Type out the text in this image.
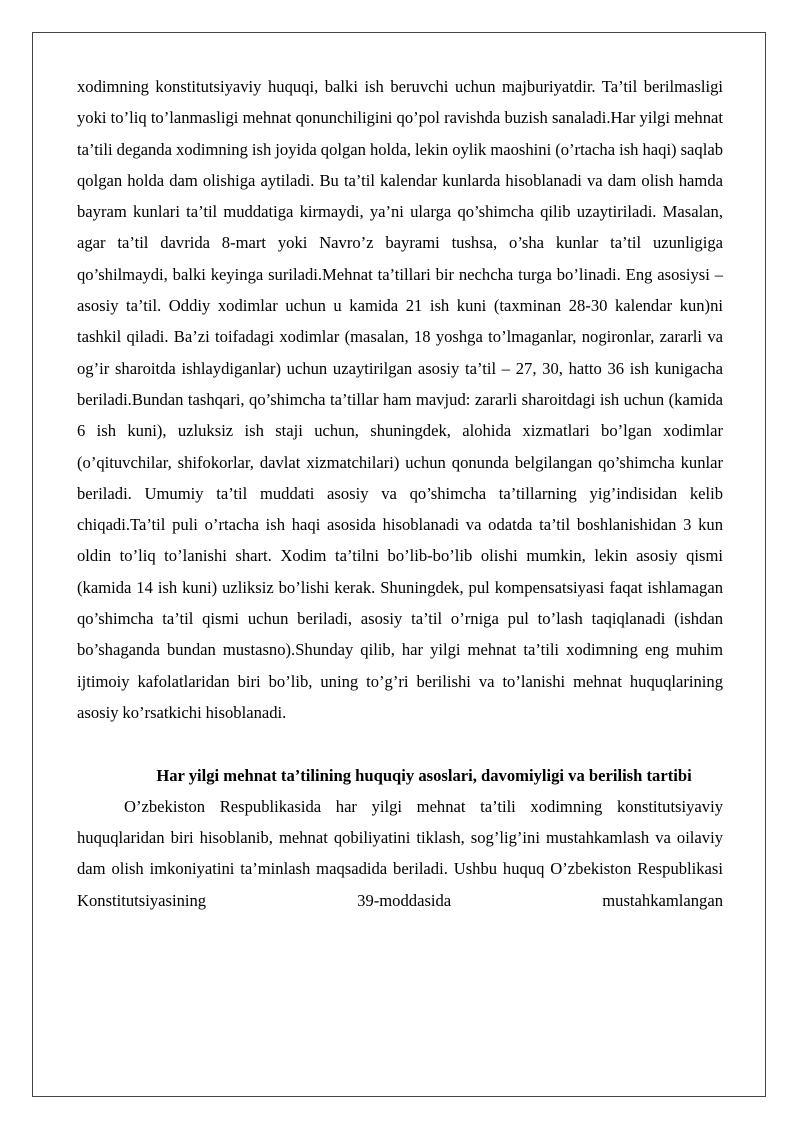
xodimning konstitutsiyaviy huquqi, balki ish beruvchi uchun majburiyatdir. Ta’til berilmasligi yoki to’liq to’lanmasligi mehnat qonunchiligini qo’pol ravishda buzish sanaladi.Har yilgi mehnat ta’tili deganda xodimning ish joyida qolgan holda, lekin oylik maoshini (o’rtacha ish haqi) saqlab qolgan holda dam olishiga aytiladi. Bu ta’til kalendar kunlarda hisoblanadi va dam olish hamda bayram kunlari ta’til muddatiga kirmaydi, ya’ni ularga qo’shimcha qilib uzaytiriladi. Masalan, agar ta’til davrida 8-mart yoki Navro’z bayrami tushsa, o’sha kunlar ta’til uzunligiga qo’shilmaydi, balki keyinga suriladi.Mehnat ta’tillari bir nechcha turga bo’linadi. Eng asosiysi – asosiy ta’til. Oddiy xodimlar uchun u kamida 21 ish kuni (taxminan 28-30 kalendar kun)ni tashkil qiladi. Ba’zi toifadagi xodimlar (masalan, 18 yoshga to’lmaganlar, nogironlar, zararli va og’ir sharoitda ishlaydiganlar) uchun uzaytirilgan asosiy ta’til – 27, 30, hatto 36 ish kunigacha beriladi.Bundan tashqari, qo’shimcha ta’tillar ham mavjud: zararli sharoitdagi ish uchun (kamida 6 ish kuni), uzluksiz ish staji uchun, shuningdek, alohida xizmatlari bo’lgan xodimlar (o’qituvchilar, shifokorlar, davlat xizmatchilari) uchun qonunda belgilangan qo’shimcha kunlar beriladi. Umumiy ta’til muddati asosiy va qo’shimcha ta’tillarning yig’indisidan kelib chiqadi.Ta’til puli o’rtacha ish haqi asosida hisoblanadi va odatda ta’til boshlanishidan 3 kun oldin to’liq to’lanishi shart. Xodim ta’tilni bo’lib-bo’lib olishi mumkin, lekin asosiy qismi (kamida 14 ish kuni) uzliksiz bo’lishi kerak. Shuningdek, pul kompensatsiyasi faqat ishlamagan qo’shimcha ta’til qismi uchun beriladi, asosiy ta’til o’rniga pul to’lash taqiqlanadi (ishdan bo’shaganda bundan mustasno).Shunday qilib, har yilgi mehnat ta’tili xodimning eng muhim ijtimoiy kafolatlaridan biri bo’lib, uning to’g’ri berilishi va to’lanishi mehnat huquqlarining asosiy ko’rsatkichi hisoblanadi.

Har yilgi mehnat ta’tilining huquqiy asoslari, davomiyligi va berilish tartibi

O’zbekiston Respublikasida har yilgi mehnat ta’tili xodimning konstitutsiyaviy huquqlaridan biri hisoblanib, mehnat qobiliyatini tiklash, sog’lig’ini mustahkamlash va oilaviy dam olish imkoniyatini ta’minlash maqsadida beriladi. Ushbu huquq O’zbekiston Respublikasi Konstitutsiyasining 39-moddasida mustahkamlangan
